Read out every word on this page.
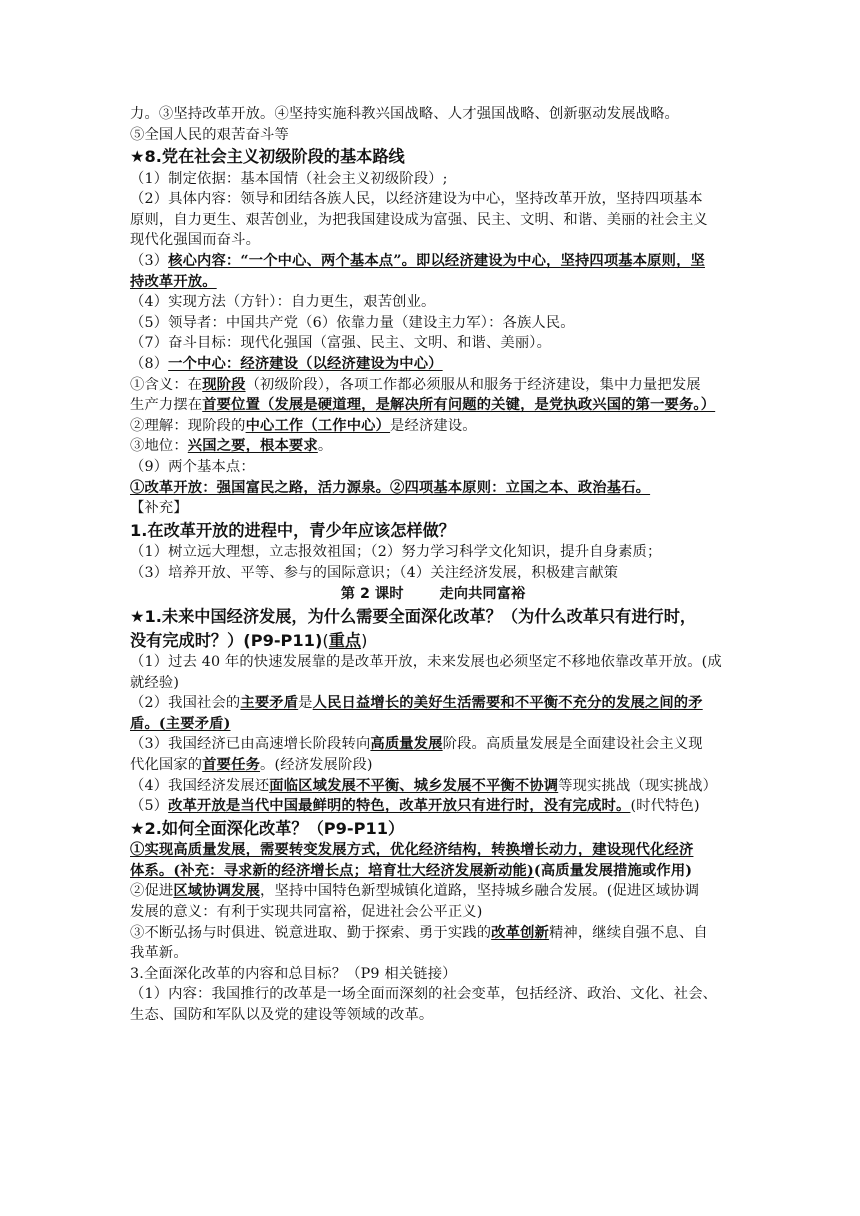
力。③坚持改革开放。④坚持实施科教兴国战略、人才强国战略、创新驱动发展战略。
⑤全国人民的艰苦奋斗等
★8.党在社会主义初级阶段的基本路线
（1）制定依据：基本国情（社会主义初级阶段）;
（2）具体内容：领导和团结各族人民，以经济建设为中心，坚持改革开放，坚持四项基本
原则，自力更生、艰苦创业，为把我国建设成为富强、民主、文明、和谐、美丽的社会主义
现代化强国而奋斗。
（3）核心内容：“一个中心、两个基本点”。即以经济建设为中心，坚持四项基本原则，坚
持改革开放。
（4）实现方法（方针）：自力更生，艰苦创业。
（5）领导者：中国共产党（6）依靠力量（建设主力军）：各族人民。
（7）奋斗目标：现代化强国（富强、民主、文明、和谐、美丽）。
（8）一个中心：经济建设（以经济建设为中心）
①含义：在现阶段（初级阶段），各项工作都必须服从和服务于经济建设，集中力量把发展
生产力摆在首要位置（发展是硬道理，是解决所有问题的关键，是党执政兴国的第一要务。）
②理解：现阶段的中心工作（工作中心）是经济建设。
③地位：兴国之要，根本要求。
（9）两个基本点：
①改革开放：强国富民之路，活力源泉。②四项基本原则：立国之本、政治基石。
【补充】
1.在改革开放的进程中，青少年应该怎样做？
（1）树立远大理想，立志报效祖国；（2）努力学习科学文化知识，提升自身素质；
（3）培养开放、平等、参与的国际意识；（4）关注经济发展，积极建言献策
第 2 课时	走向共同富裕
★1.未来中国经济发展，为什么需要全面深化改革？（为什么改革只有进行时，
没有完成时？）(P9-P11)(重点)
（1）过去 40 年的快速发展靠的是改革开放，未来发展也必须坚定不移地依靠改革开放。(成
就经验)
（2）我国社会的主要矛盾是人民日益增长的美好生活需要和不平衡不充分的发展之间的矛
盾。(主要矛盾)
（3）我国经济已由高速增长阶段转向高质量发展阶段。高质量发展是全面建设社会主义现
代化国家的首要任务。(经济发展阶段)
（4）我国经济发展还面临区域发展不平衡、城乡发展不平衡不协调等现实挑战（现实挑战）
（5）改革开放是当代中国最鲜明的特色，改革开放只有进行时，没有完成时。(时代特色)
★2.如何全面深化改革？（P9-P11）
①实现高质量发展，需要转变发展方式，优化经济结构，转换增长动力，建设现代化经济
体系。(补充：寻求新的经济增长点；培育壮大经济发展新动能)(高质量发展措施或作用)
②促进区域协调发展，坚持中国特色新型城镇化道路，坚持城乡融合发展。(促进区域协调
发展的意义：有利于实现共同富裕，促进社会公平正义)
③不断弘扬与时俱进、锐意进取、勤于探索、勇于实践的改革创新精神，继续自强不息、自
我革新。
3.全面深化改革的内容和总目标？（P9 相关链接）
（1）内容：我国推行的改革是一场全面而深刻的社会变革，包括经济、政治、文化、社会、
生态、国防和军队以及党的建设等领域的改革。
